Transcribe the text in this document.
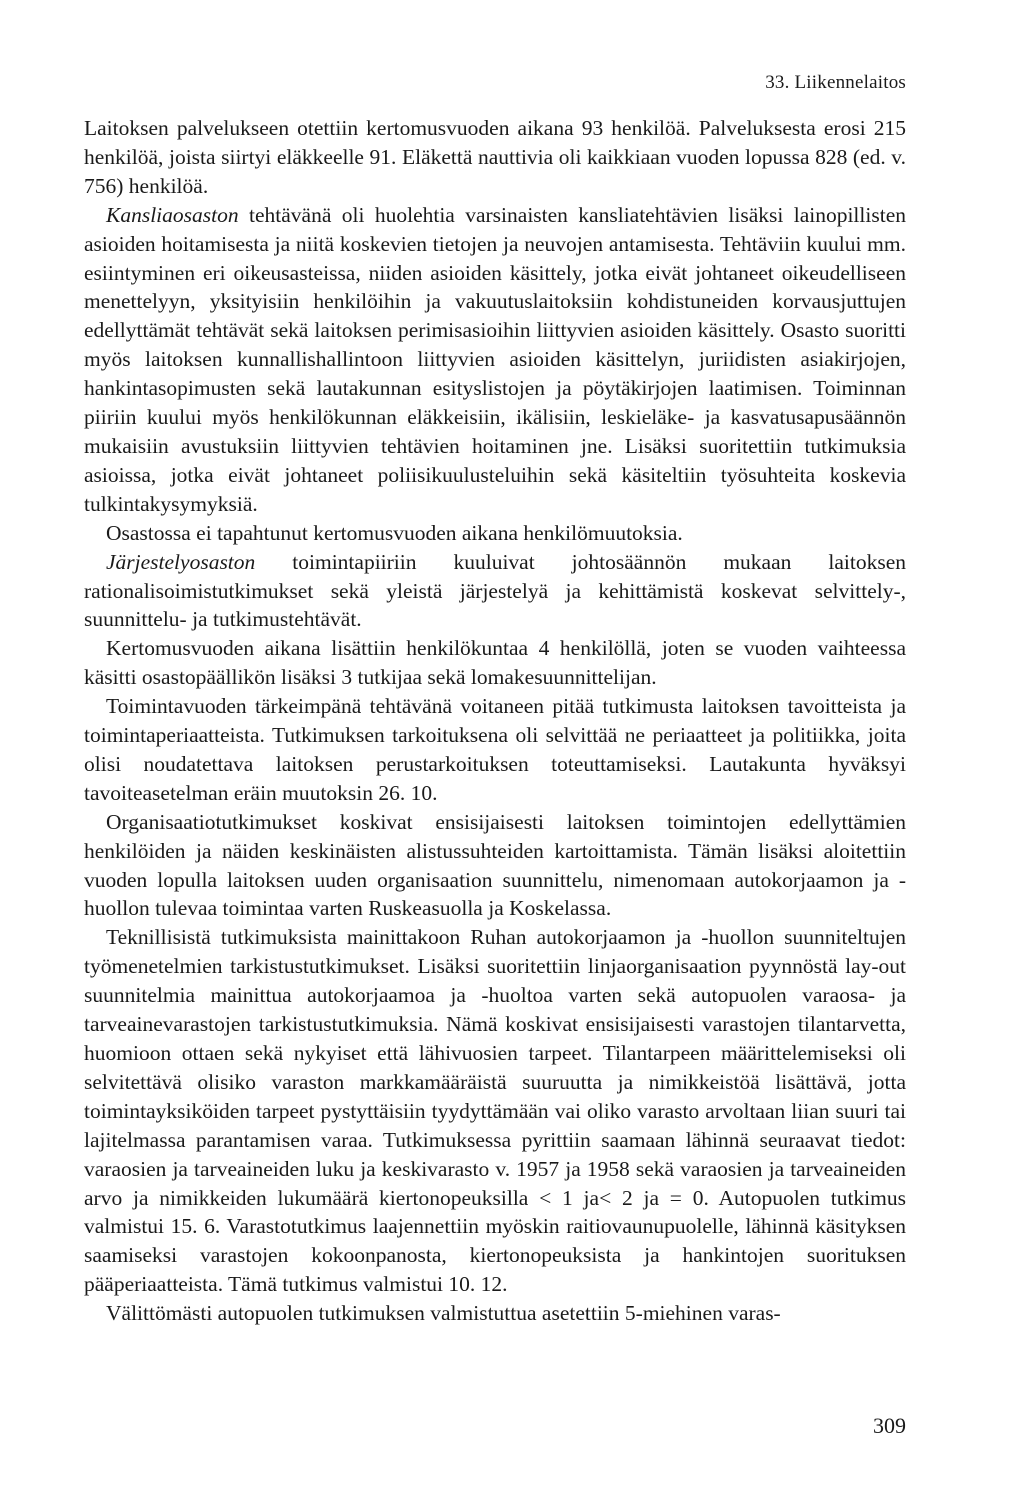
33. Liikennelaitos

Laitoksen palvelukseen otettiin kertomusvuoden aikana 93 henkilöä. Palveluksesta erosi 215 henkilöä, joista siirtyi eläkkeelle 91. Eläkettä nauttivia oli kaikkiaan vuoden lopussa 828 (ed. v. 756) henkilöä.

Kansliaosaston tehtävänä oli huolehtia varsinaisten kansliatehtävien lisäksi lainopillisten asioiden hoitamisesta ja niitä koskevien tietojen ja neuvojen antamisesta. Tehtäviin kuului mm. esiintyminen eri oikeusasteissa, niiden asioiden käsittely, jotka eivät johtaneet oikeudelliseen menettelyyn, yksityisiin henkilöihin ja vakuutuslaitoksiin kohdistuneiden korvausjuttujen edellyttämät tehtävät sekä laitoksen perimisasioihin liittyvien asioiden käsittely. Osasto suoritti myös laitoksen kunnallishallintoon liittyvien asioiden käsittelyn, juriidisten asiakirjojen, hankintasopimusten sekä lautakunnan esityslistojen ja pöytäkirjojen laatimisen. Toiminnan piiriin kuului myös henkilökunnan eläkkeisiin, ikälisiin, leskieläke- ja kasvatusapusäännön mukaisiin avustuksiin liittyvien tehtävien hoitaminen jne. Lisäksi suoritettiin tutkimuksia asioissa, jotka eivät johtaneet poliisikuulusteluihin sekä käsiteltiin työsuhteita koskevia tulkintakysymyksiä.

Osastossa ei tapahtunut kertomusvuoden aikana henkilömuutoksia.

Järjestelyosaston toimintapiiriin kuuluivat johtosäännön mukaan laitoksen rationalisoimistutkimukset sekä yleistä järjestelyä ja kehittämistä koskevat selvittely-, suunnittelu- ja tutkimustehtävät.

Kertomusvuoden aikana lisättiin henkilökuntaa 4 henkilöllä, joten se vuoden vaihteessa käsitti osastopäällikön lisäksi 3 tutkijaa sekä lomakesuunnittelijan.

Toimintavuoden tärkeimpänä tehtävänä voitaneen pitää tutkimusta laitoksen tavoitteista ja toimintaperiaatteista. Tutkimuksen tarkoituksena oli selvittää ne periaatteet ja politiikka, joita olisi noudatettava laitoksen perustarkoituksen toteuttamiseksi. Lautakunta hyväksyi tavoiteasetelman eräin muutoksin 26. 10.

Organisaatiotutkimukset koskivat ensisijaisesti laitoksen toimintojen edellyttämien henkilöiden ja näiden keskinäisten alistussuhteiden kartoittamista. Tämän lisäksi aloitettiin vuoden lopulla laitoksen uuden organisaation suunnittelu, nimenomaan autokorjaamon ja -huollon tulevaa toimintaa varten Ruskeasuolla ja Koskelassa.

Teknillisistä tutkimuksista mainittakoon Ruhan autokorjaamon ja -huollon suunniteltujen työmenetelmien tarkistustutkimukset. Lisäksi suoritettiin linjaorganisaation pyynnöstä lay-out suunnitelmia mainittua autokorjaamoa ja -huoltoa varten sekä autopuolen varaosa- ja tarveainevarastojen tarkistustutkimuksia. Nämä koskivat ensisijaisesti varastojen tilantarvetta, huomioon ottaen sekä nykyiset että lähivuosien tarpeet. Tilantarpeen määrittelemiseksi oli selvitettävä olisiko varaston markkamääräistä suuruutta ja nimikkeistöä lisättävä, jotta toimintayksiköiden tarpeet pystyttäisiin tyydyttämään vai oliko varasto arvoltaan liian suuri tai lajitelmassa parantamisen varaa. Tutkimuksessa pyrittiin saamaan lähinnä seuraavat tiedot: varaosien ja tarveaineiden luku ja keskivarasto v. 1957 ja 1958 sekä varaosien ja tarveaineiden arvo ja nimikkeiden lukumäärä kiertonopeuksilla < 1 ja< 2 ja = 0. Autopuolen tutkimus valmistui 15. 6. Varastotutkimus laajennettiin myöskin raitiovaunupuolelle, lähinnä käsityksen saamiseksi varastojen kokoonpanosta, kiertonopeuksista ja hankintojen suorituksen pääperiaatteista. Tämä tutkimus valmistui 10. 12.

Välittömästi autopuolen tutkimuksen valmistuttua asetettiin 5-miehinen varas-

309
